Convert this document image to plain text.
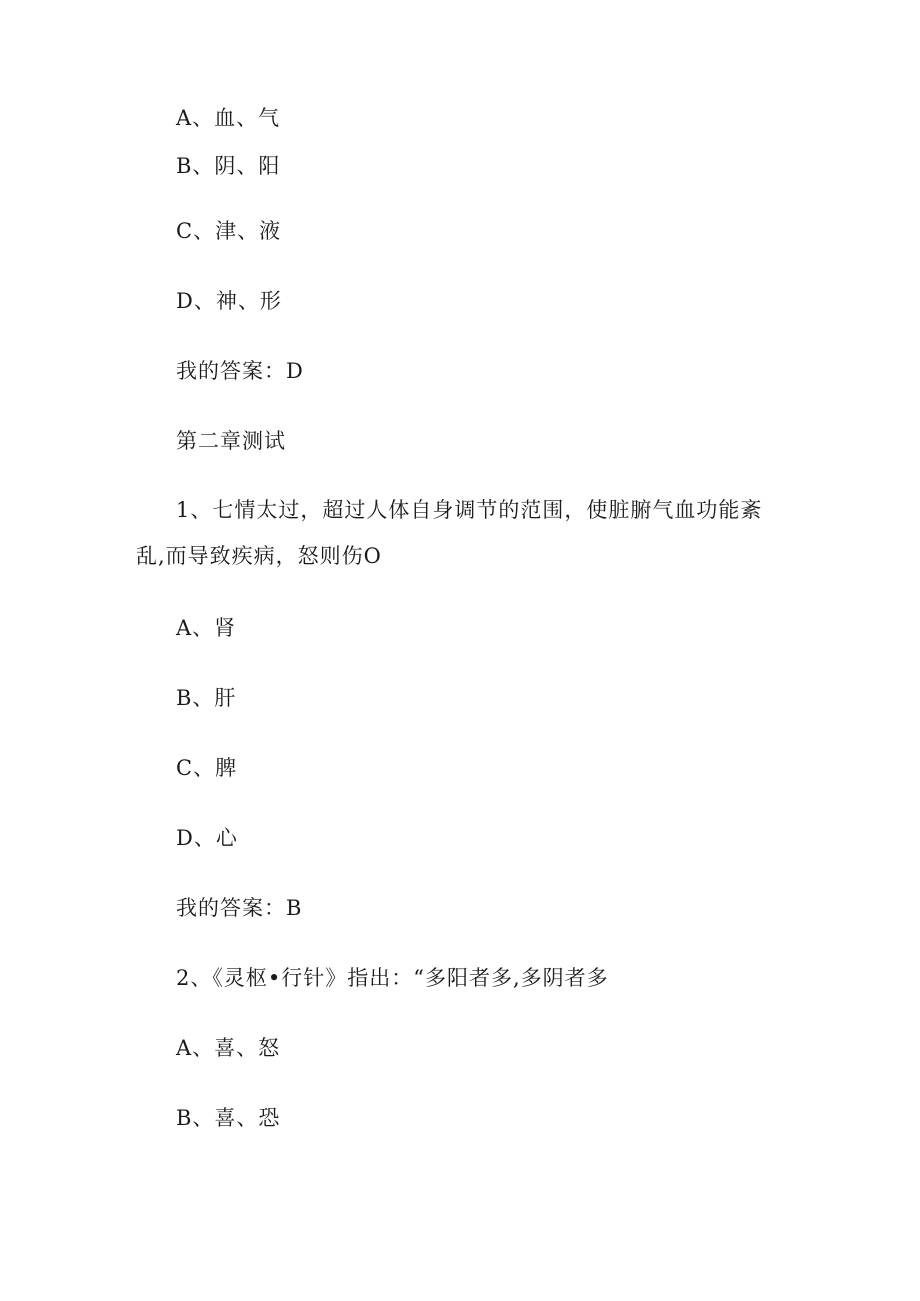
A、血、气
B、阴、阳
C、津、液
D、神、形
我的答案：D
第二章测试
1、七情太过，超过人体自身调节的范围，使脏腑气血功能紊乱,而导致疾病，怒则伤O
A、肾
B、肝
C、脾
D、心
我的答案：B
2、《灵枢•行针》指出：“多阳者多,多阴者多
A、喜、怒
B、喜、恐
